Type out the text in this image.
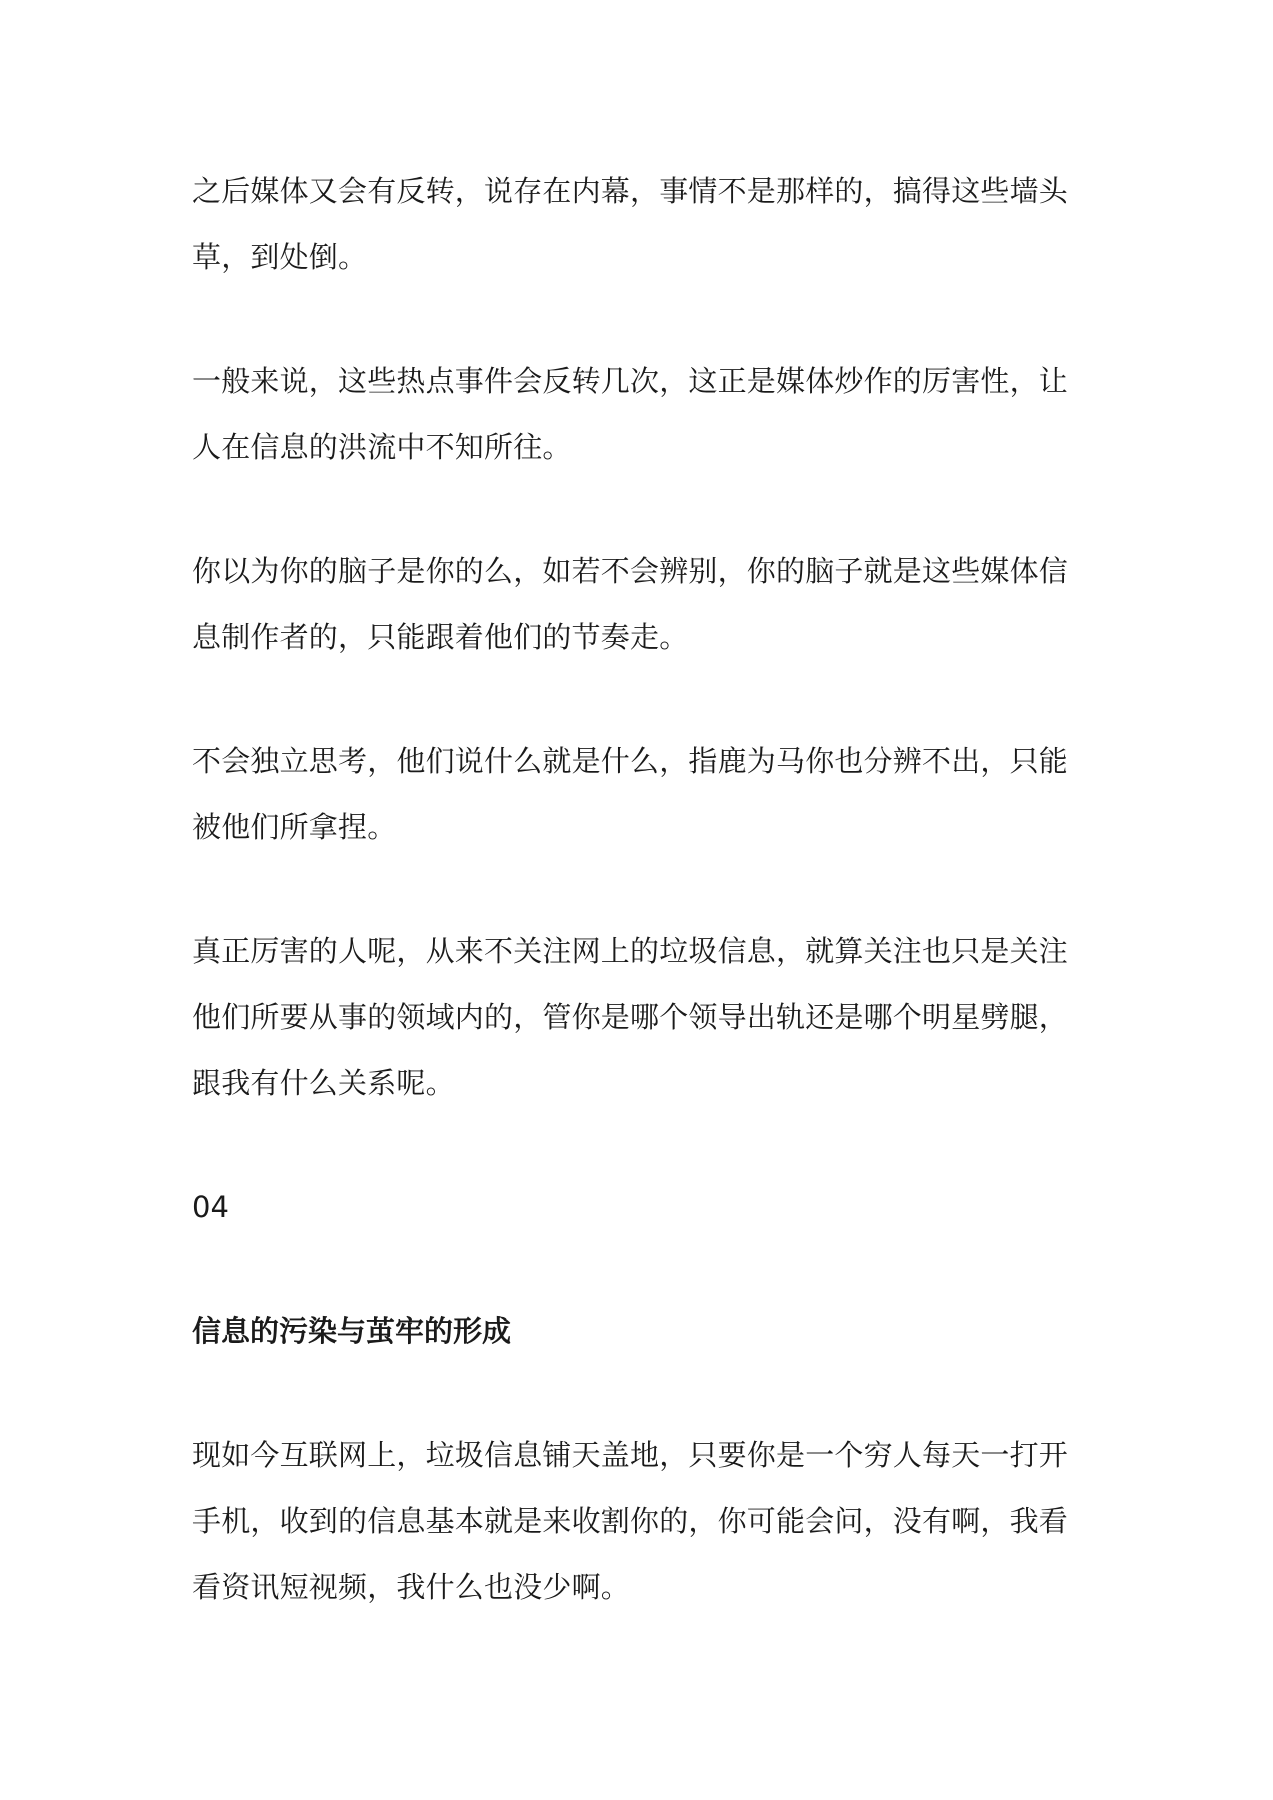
之后媒体又会有反转，说存在内幕，事情不是那样的，搞得这些墙头草，到处倒。

一般来说，这些热点事件会反转几次，这正是媒体炒作的厉害性，让人在信息的洪流中不知所往。

你以为你的脑子是你的么，如若不会辨别，你的脑子就是这些媒体信息制作者的，只能跟着他们的节奏走。

不会独立思考，他们说什么就是什么，指鹿为马你也分辨不出，只能被他们所拿捏。

真正厉害的人呢，从来不关注网上的垃圾信息，就算关注也只是关注他们所要从事的领域内的，管你是哪个领导出轨还是哪个明星劈腿，跟我有什么关系呢。

04

信息的污染与茧牢的形成

现如今互联网上，垃圾信息铺天盖地，只要你是一个穷人每天一打开手机，收到的信息基本就是来收割你的，你可能会问，没有啊，我看看资讯短视频，我什么也没少啊。
